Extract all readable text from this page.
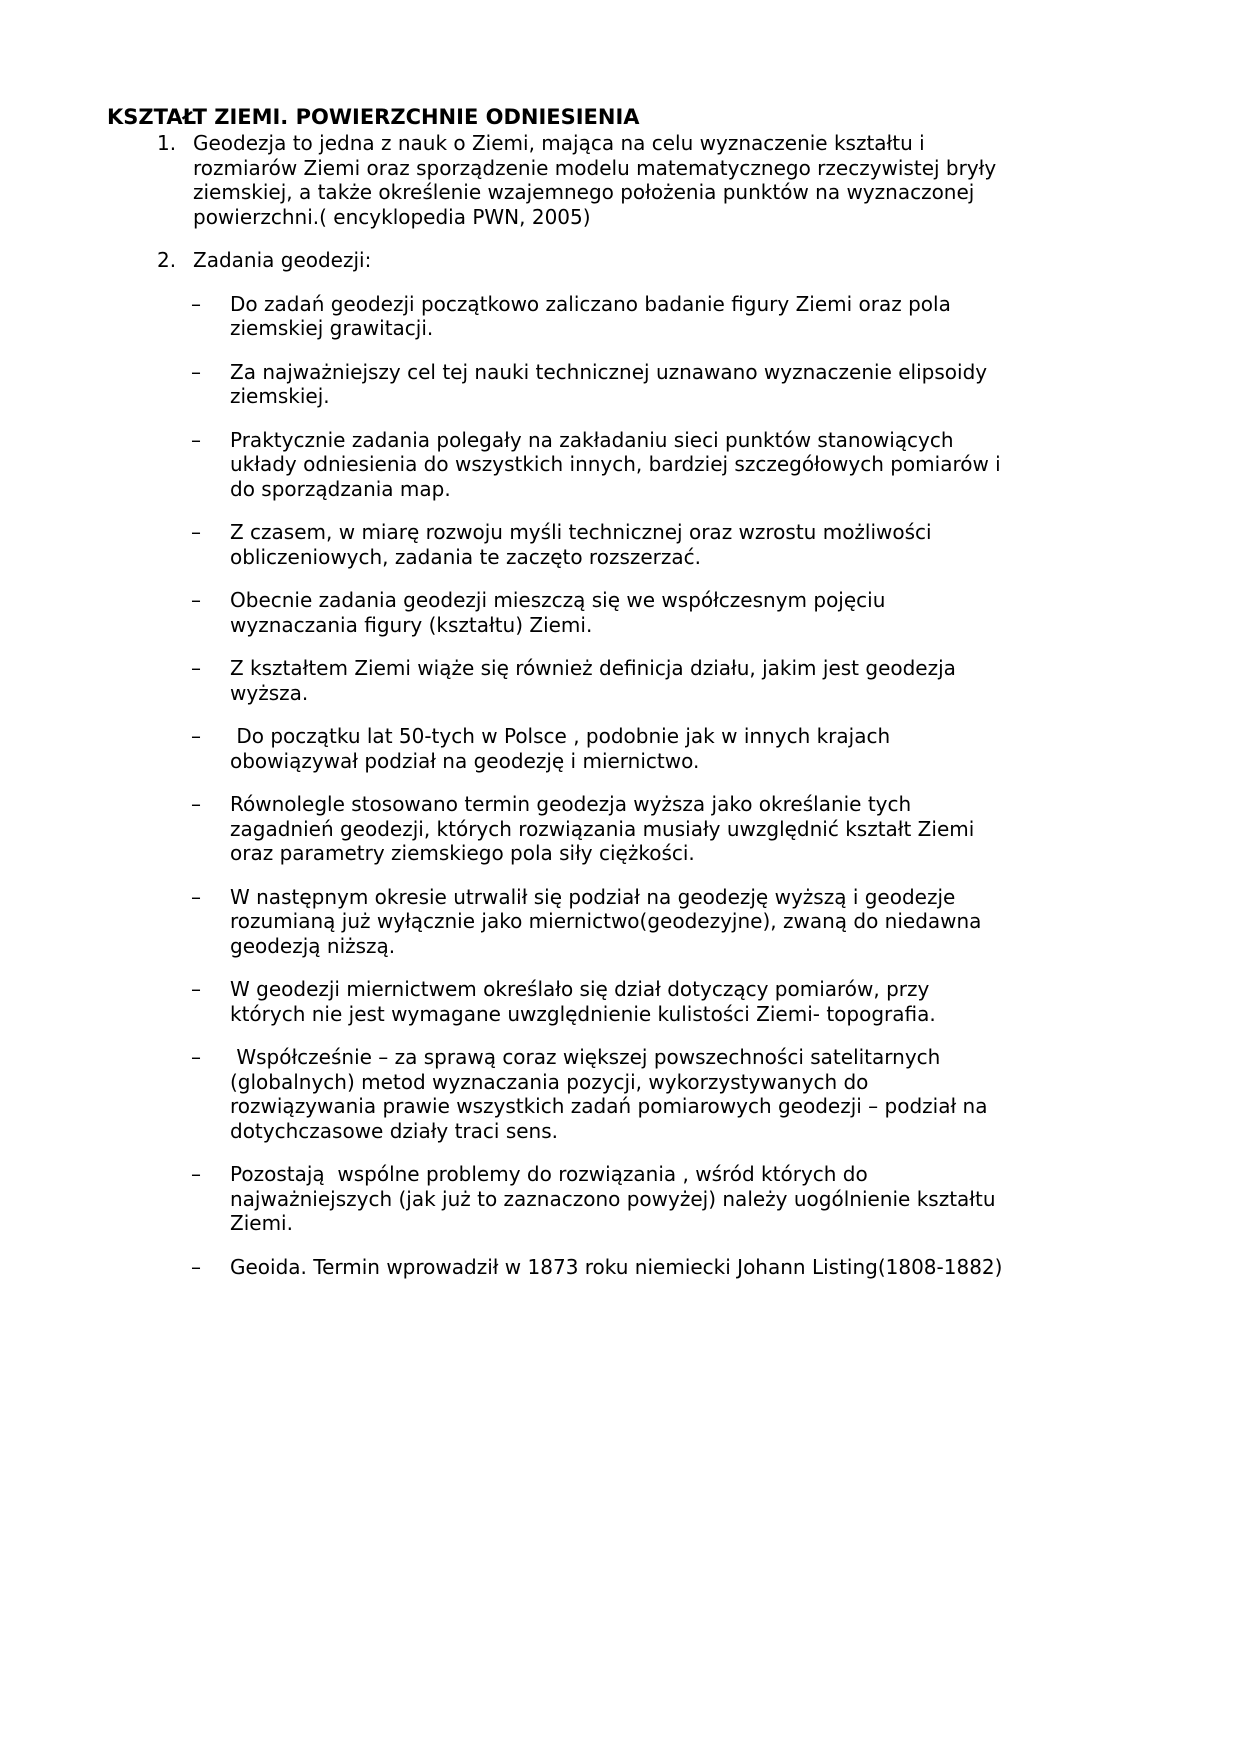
KSZTAŁT ZIEMI. POWIERZCHNIE ODNIESIENIA
1. Geodezja to jedna z nauk o Ziemi, mająca na celu wyznaczenie kształtu i
rozmiarów Ziemi oraz sporządzenie modelu matematycznego rzeczywistej bryły
ziemskiej, a także określenie wzajemnego położenia punktów na wyznaczonej
powierzchni.( encyklopedia PWN, 2005)
2. Zadania geodezji:
– Do zadań geodezji początkowo zaliczano badanie figury Ziemi oraz pola
ziemskiej grawitacji.
– Za najważniejszy cel tej nauki technicznej uznawano wyznaczenie elipsoidy
ziemskiej.
– Praktycznie zadania polegały na zakładaniu sieci punktów stanowiących
układy odniesienia do wszystkich innych, bardziej szczegółowych pomiarów i
do sporządzania map.
– Z czasem, w miarę rozwoju myśli technicznej oraz wzrostu możliwości
obliczeniowych, zadania te zaczęto rozszerzać.
– Obecnie zadania geodezji mieszczą się we współczesnym pojęciu
wyznaczania figury (kształtu) Ziemi.
– Z kształtem Ziemi wiąże się również definicja działu, jakim jest geodezja
wyższa.
– Do początku lat 50-tych w Polsce , podobnie jak w innych krajach
obowiązywał podział na geodezję i miernictwo.
– Równolegle stosowano termin geodezja wyższa jako określanie tych
zagadnień geodezji, których rozwiązania musiały uwzględnić kształt Ziemi
oraz parametry ziemskiego pola siły ciężkości.
– W następnym okresie utrwalił się podział na geodezję wyższą i geodezje
rozumianą już wyłącznie jako miernictwo(geodezyjne), zwaną do niedawna
geodezją niższą.
– W geodezji miernictwem określało się dział dotyczący pomiarów, przy
których nie jest wymagane uwzględnienie kulistości Ziemi- topografia.
– Współcześnie – za sprawą coraz większej powszechności satelitarnych
(globalnych) metod wyznaczania pozycji, wykorzystywanych do
rozwiązywania prawie wszystkich zadań pomiarowych geodezji – podział na
dotychczasowe działy traci sens.
– Pozostają  wspólne problemy do rozwiązania , wśród których do
najważniejszych (jak już to zaznaczono powyżej) należy uogólnienie kształtu
Ziemi.
– Geoida. Termin wprowadził w 1873 roku niemiecki Johann Listing(1808-1882)
